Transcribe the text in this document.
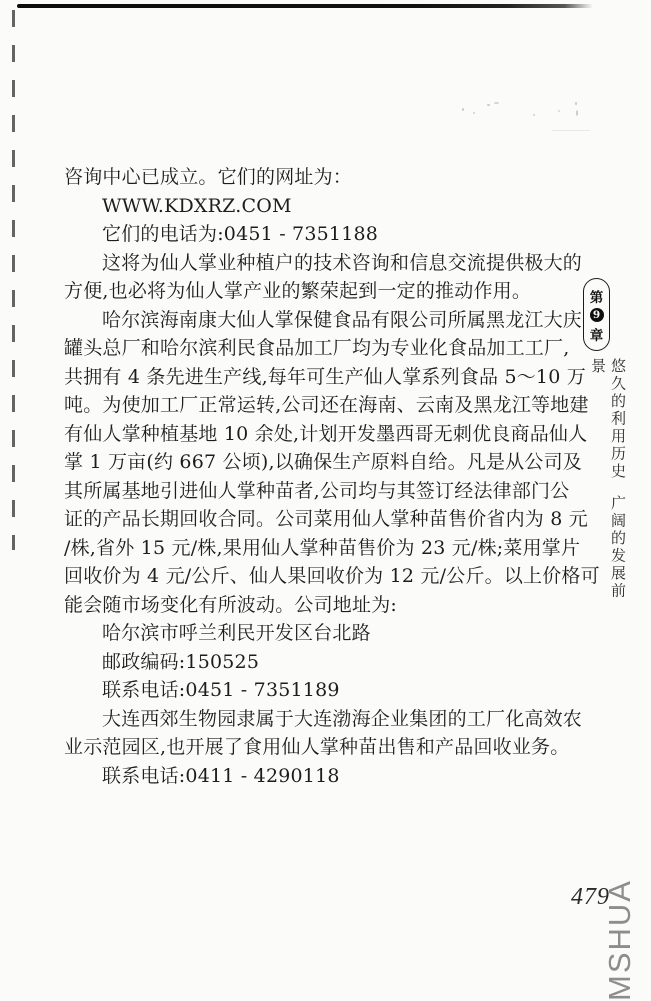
咨询中心已成立。它们的网址为：
WWW.KDXRZ.COM
它们的电话为:0451 - 7351188
这将为仙人掌业种植户的技术咨询和信息交流提供极大的
方便,也必将为仙人掌产业的繁荣起到一定的推动作用。
哈尔滨海南康大仙人掌保健食品有限公司所属黑龙江大庆
罐头总厂和哈尔滨利民食品加工厂均为专业化食品加工工厂,
共拥有 4 条先进生产线,每年可生产仙人掌系列食品 5～10 万
吨。为使加工厂正常运转,公司还在海南、云南及黑龙江等地建
有仙人掌种植基地 10 余处,计划开发墨西哥无刺优良商品仙人
掌 1 万亩(约 667 公顷),以确保生产原料自给。凡是从公司及
其所属基地引进仙人掌种苗者,公司均与其签订经法律部门公
证的产品长期回收合同。公司菜用仙人掌种苗售价省内为 8 元
/株,省外 15 元/株,果用仙人掌种苗售价为 23 元/株;菜用掌片
回收价为 4 元/公斤、仙人果回收价为 12 元/公斤。以上价格可
能会随市场变化有所波动。公司地址为:
哈尔滨市呼兰利民开发区台北路
邮政编码:150525
联系电话:0451 - 7351189
大连西郊生物园隶属于大连渤海企业集团的工厂化高效农
业示范园区,也开展了食用仙人掌种苗出售和产品回收业务。
联系电话:0411 - 4290118
第
9
章
悠久的利用历史广阔的发展前景
479
MSHUA
